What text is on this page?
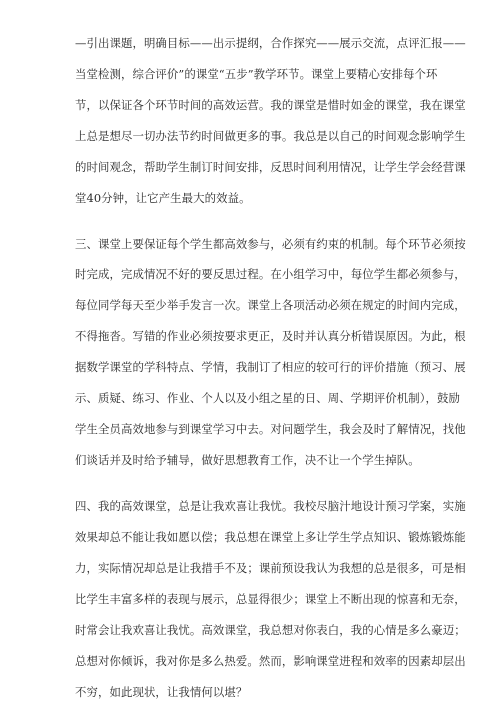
—引出课题，明确目标——出示提纲，合作探究——展示交流，点评汇报——
当堂检测，综合评价”的课堂“五步”教学环节。课堂上要精心安排每个环
节，以保证各个环节时间的高效运营。我的课堂是惜时如金的课堂，我在课堂
上总是想尽一切办法节约时间做更多的事。我总是以自己的时间观念影响学生
的时间观念，帮助学生制订时间安排，反思时间利用情况，让学生学会经营课
堂40分钟，让它产生最大的效益。
三、课堂上要保证每个学生都高效参与，必须有约束的机制。每个环节必须按
时完成，完成情况不好的要反思过程。在小组学习中，每位学生都必须参与，
每位同学每天至少举手发言一次。课堂上各项活动必须在规定的时间内完成，
不得拖沓。写错的作业必须按要求更正，及时并认真分析错误原因。为此，根
据数学课堂的学科特点、学情，我制订了相应的较可行的评价措施（预习、展
示、质疑、练习、作业、个人以及小组之星的日、周、学期评价机制），鼓励
学生全员高效地参与到课堂学习中去。对问题学生，我会及时了解情况，找他
们谈话并及时给予辅导，做好思想教育工作，决不让一个学生掉队。
四、我的高效课堂，总是让我欢喜让我忧。我校尽脑汁地设计预习学案，实施
效果却总不能让我如愿以偿；我总想在课堂上多让学生学点知识、锻炼锻炼能
力，实际情况却总是让我措手不及；课前预设我认为我想的总是很多，可是相
比学生丰富多样的表现与展示，总显得很少；课堂上不断出现的惊喜和无奈，
时常会让我欢喜让我忧。高效课堂，我总想对你表白，我的心情是多么豪迈；
总想对你倾诉，我对你是多么热爱。然而，影响课堂进程和效率的因素却层出
不穷，如此现状，让我情何以堪？
